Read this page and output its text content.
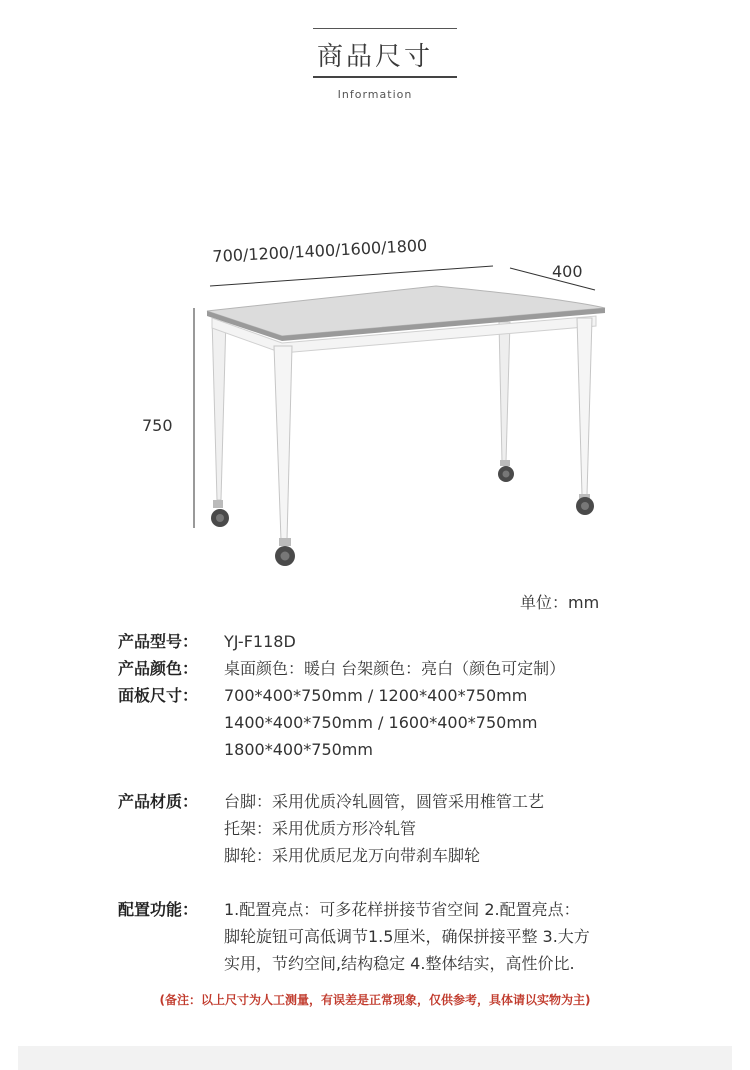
商品尺寸
Information
700/1200/1400/1600/1800
400
750
单位：mm
产品型号： YJ-F118D
产品颜色： 桌面颜色：暖白 台架颜色：亮白（颜色可定制）
面板尺寸： 700*400*750mm / 1200*400*750mm
1400*400*750mm / 1600*400*750mm
1800*400*750mm
产品材质： 台脚：采用优质冷轧圆管，圆管采用椎管工艺
托架：采用优质方形冷轧管
脚轮：采用优质尼龙万向带刹车脚轮
配置功能： 1.配置亮点：可多花样拼接节省空间 2.配置亮点：
脚轮旋钮可高低调节1.5厘米，确保拼接平整 3.大方
实用，节约空间,结构稳定 4.整体结实，高性价比.
(备注：以上尺寸为人工测量，有误差是正常现象，仅供参考，具体请以实物为主)
